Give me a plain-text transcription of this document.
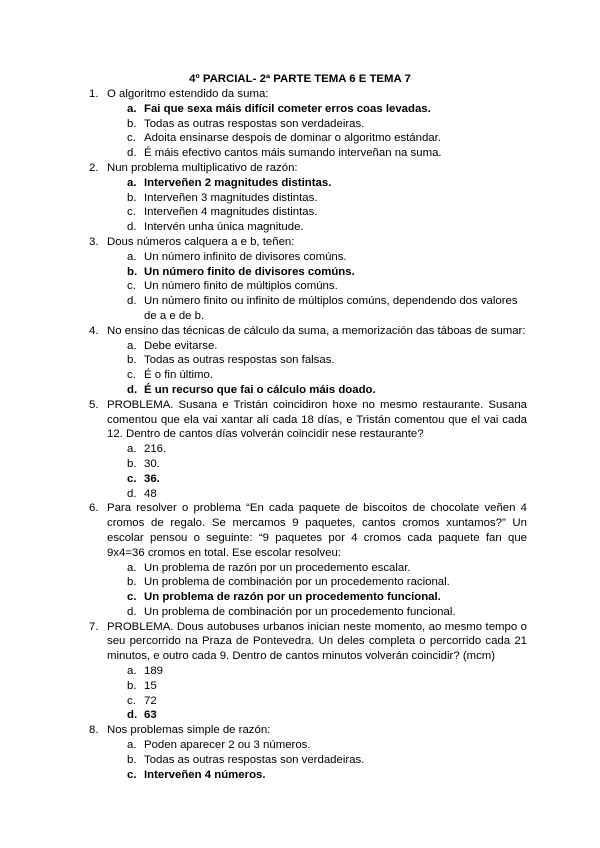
4º PARCIAL- 2ª PARTE TEMA 6 E TEMA 7
1. O algoritmo estendido da suma:
a. Fai que sexa máis difícil cometer erros coas levadas.
b. Todas as outras respostas son verdadeiras.
c. Adoita ensinarse despois de dominar o algoritmo estándar.
d. É máis efectivo cantos máis sumando interveñan na suma.
2. Nun problema multiplicativo de razón:
a. Interveñen 2 magnitudes distintas.
b. Interveñen 3 magnitudes distintas.
c. Interveñen 4 magnitudes distintas.
d. Intervén unha única magnitude.
3. Dous números calquera a e b, teñen:
a. Un número infinito de divisores comúns.
b. Un número finito de divisores comúns.
c. Un número finito de múltiplos comúns.
d. Un número finito ou infinito de múltiplos comúns, dependendo dos valores de a e de b.
4. No ensino das técnicas de cálculo da suma, a memorización das táboas de sumar:
a. Debe evitarse.
b. Todas as outras respostas son falsas.
c. É o fin último.
d. É un recurso que fai o cálculo máis doado.
5. PROBLEMA. Susana e Tristán coincidiron hoxe no mesmo restaurante. Susana comentou que ela vai xantar alí cada 18 días, e Tristán comentou que el vai cada 12. Dentro de cantos días volverán coincidir nese restaurante?
a. 216.
b. 30.
c. 36.
d. 48
6. Para resolver o problema “En cada paquete de biscoitos de chocolate veñen 4 cromos de regalo. Se mercamos 9 paquetes, cantos cromos xuntamos?” Un escolar pensou o seguinte: “9 paquetes por 4 cromos cada paquete fan que 9x4=36 cromos en total. Ese escolar resolveu:
a. Un problema de razón por un procedemento escalar.
b. Un problema de combinación por un procedemento racional.
c. Un problema de razón por un procedemento funcional.
d. Un problema de combinación por un procedemento funcional.
7. PROBLEMA. Dous autobuses urbanos inician neste momento, ao mesmo tempo o seu percorrido na Praza de Pontevedra. Un deles completa o percorrido cada 21 minutos, e outro cada 9. Dentro de cantos minutos volverán coincidir? (mcm)
a. 189
b. 15
c. 72
d. 63
8. Nos problemas simple de razón:
a. Poden aparecer 2 ou 3 números.
b. Todas as outras respostas son verdadeiras.
c. Interveñen 4 números.
